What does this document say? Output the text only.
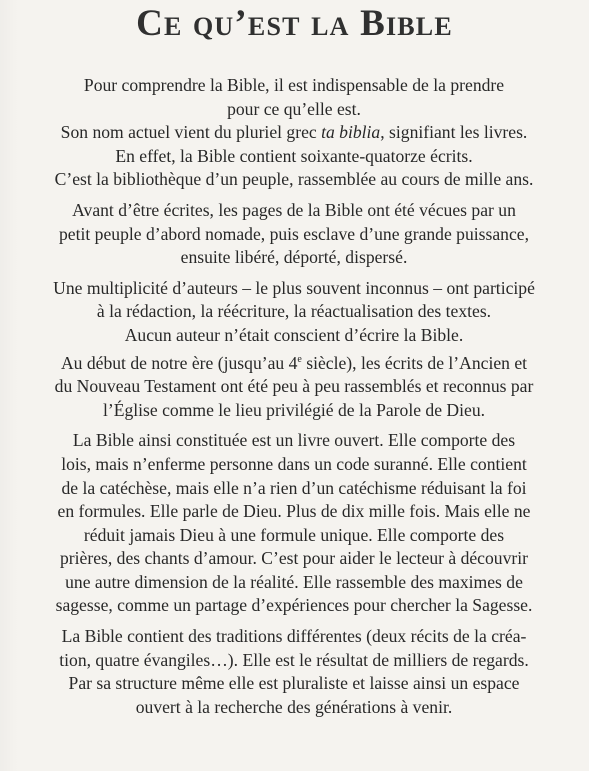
Ce qu’est la Bible
Pour comprendre la Bible, il est indispensable de la prendre
pour ce qu’elle est.
Son nom actuel vient du pluriel grec ta biblia, signifiant les livres.
En effet, la Bible contient soixante-quatorze écrits.
C’est la bibliothèque d’un peuple, rassemblée au cours de mille ans.
Avant d’être écrites, les pages de la Bible ont été vécues par un
petit peuple d’abord nomade, puis esclave d’une grande puissance,
ensuite libéré, déporté, dispersé.
Une multiplicité d’auteurs – le plus souvent inconnus – ont participé
à la rédaction, la réécriture, la réactualisation des textes.
Aucun auteur n’était conscient d’écrire la Bible.
Au début de notre ère (jusqu’au 4e siècle), les écrits de l’Ancien et
du Nouveau Testament ont été peu à peu rassemblés et reconnus par
l’Église comme le lieu privilégié de la Parole de Dieu.
La Bible ainsi constituée est un livre ouvert. Elle comporte des
lois, mais n’enferme personne dans un code suranné. Elle contient
de la catéchèse, mais elle n’a rien d’un catéchisme réduisant la foi
en formules. Elle parle de Dieu. Plus de dix mille fois. Mais elle ne
réduit jamais Dieu à une formule unique. Elle comporte des
prières, des chants d’amour. C’est pour aider le lecteur à découvrir
une autre dimension de la réalité. Elle rassemble des maximes de
sagesse, comme un partage d’expériences pour chercher la Sagesse.
La Bible contient des traditions différentes (deux récits de la créa-
tion, quatre évangiles…). Elle est le résultat de milliers de regards.
Par sa structure même elle est pluraliste et laisse ainsi un espace
ouvert à la recherche des générations à venir.
